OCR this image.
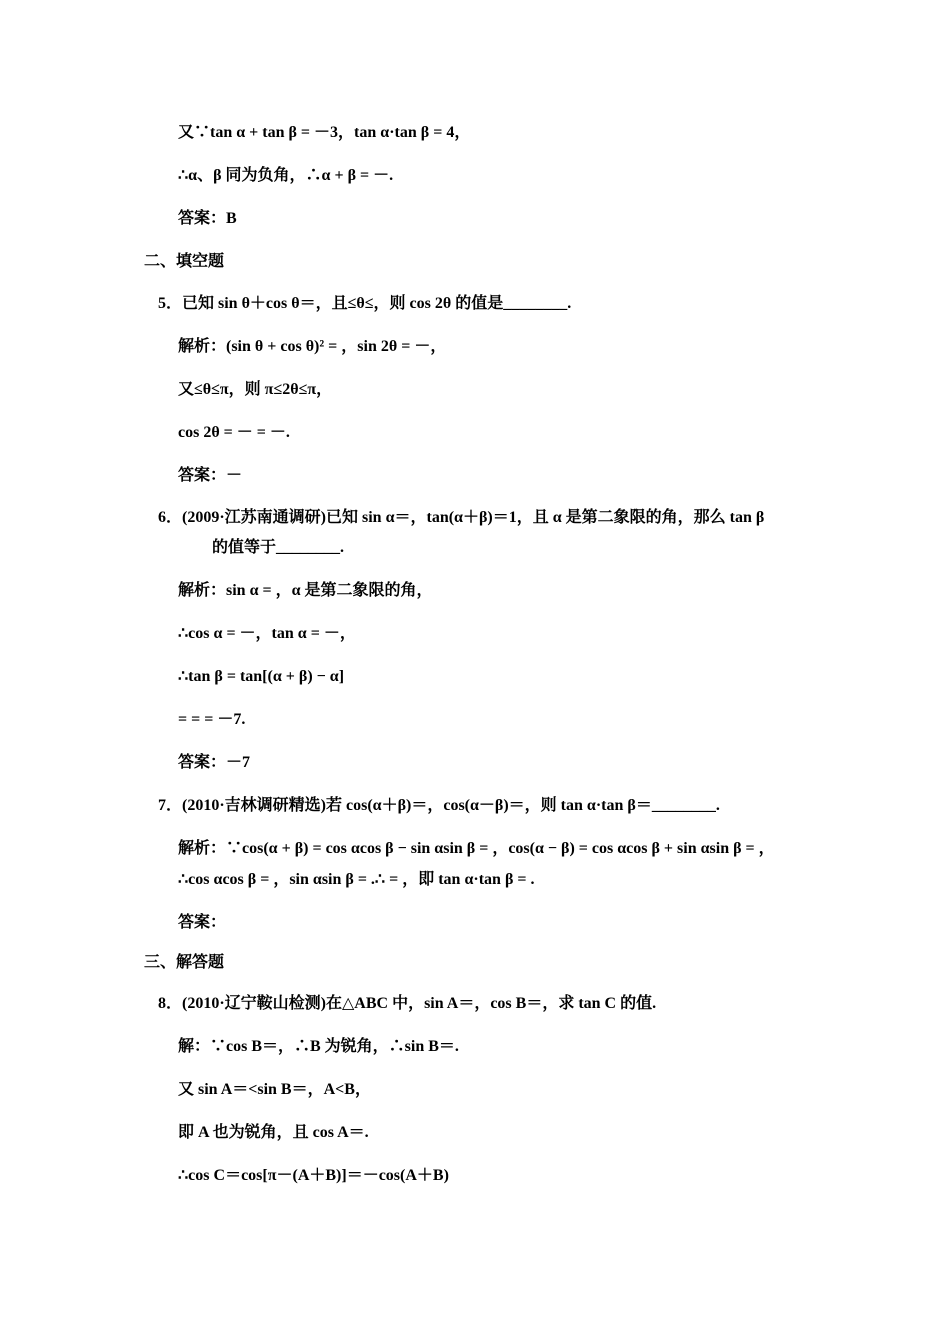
又∵tan α + tan β = －3，tan α·tan β = 4，
∴α、β 同为负角，∴α + β = －.
答案：B
二、填空题
5．已知 sin θ＋cos θ＝，且≤θ≤，则 cos 2θ 的值是________.
解析：(sin θ + cos θ)² = ，sin 2θ = －，
又≤θ≤π，则 π≤2θ≤π，
cos 2θ = － = －.
答案：－
6．(2009·江苏南通调研)已知 sin α＝，tan(α＋β)＝1，且 α 是第二象限的角，那么 tan β
的值等于________.
解析：sin α = ，α 是第二象限的角，
∴cos α = －，tan α = －，
∴tan β = tan[(α + β) − α]
= = = －7.
答案：－7
7．(2010·吉林调研精选)若 cos(α＋β)＝，cos(α－β)＝，则 tan α·tan β＝________.
解析：∵cos(α + β) = cos αcos β − sin αsin β = ，cos(α − β) = cos αcos β + sin αsin β = ，
∴cos αcos β = ，sin αsin β = .∴ = ，即 tan α·tan β = .
答案：
三、解答题
8．(2010·辽宁鞍山检测)在△ABC 中，sin A＝，cos B＝，求 tan C 的值.
解：∵cos B＝，∴B 为锐角，∴sin B＝.
又 sin A＝<sin B＝，A<B，
即 A 也为锐角，且 cos A＝.
∴cos C＝cos[π－(A＋B)]＝－cos(A＋B)
